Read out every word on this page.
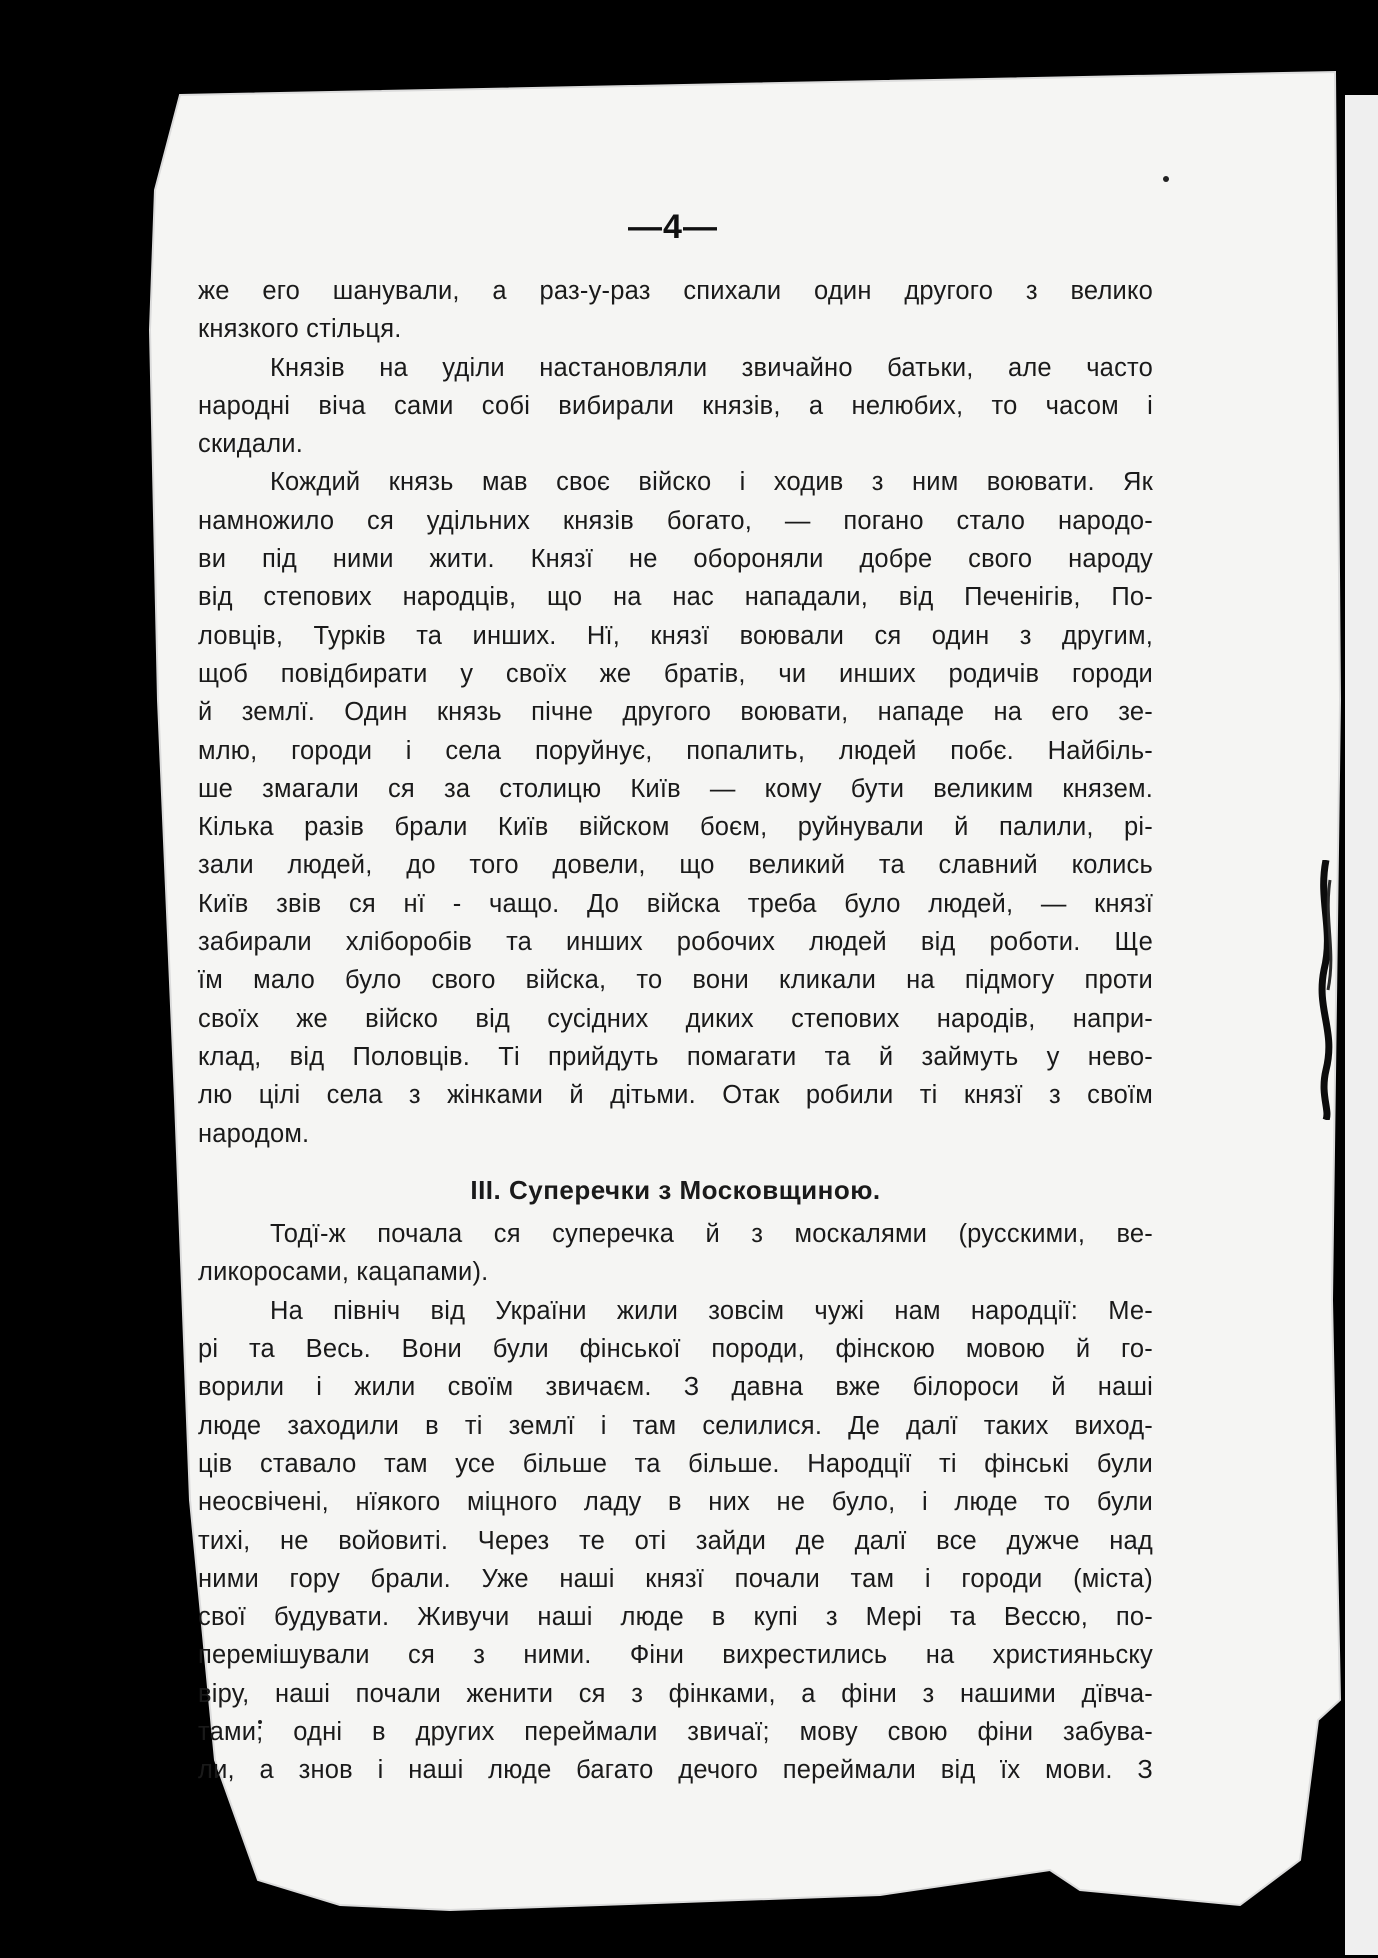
—4—
же его шанували, а раз-у-раз спихали один другого з велико
князкого стільця.
Князів на уділи настановляли звичайно батьки, але часто
народні віча сами собі вибирали князів, а нелюбих, то часом і
скидали.
Кождий князь мав своє війско і ходив з ним воювати. Як
намножило ся удільних князів богато, — погано стало народо-
ви під ними жити. Князї не обороняли добре свого народу
від степових народців, що на нас нападали, від Печенігів, По-
ловців, Турків та инших. Нї, князї воювали ся один з другим,
щоб повідбирати у своїх же братів, чи инших родичів городи
й землї. Один князь пічне другого воювати, нападе на его зе-
млю, городи і села поруйнує, попалить, людей побє. Найбіль-
ше змагали ся за столицю Київ — кому бути великим князем.
Кілька разів брали Київ війском боєм, руйнували й палили, рі-
зали людей, до того довели, що великий та славний колись
Київ звів ся нї - чащо. До війска треба було людей, — князї
забирали хліборобів та инших робочих людей від роботи. Ще
їм мало було свого війска, то вони кликали на підмогу проти
своїх же війско від сусідних диких степових народів, напри-
клад, від Половців. Ті прийдуть помагати та й займуть у нево-
лю цілі села з жінками й дітьми. Отак робили ті князї з своїм
народом.
III. Суперечки з Московщиною.
Тодї-ж почала ся суперечка й з москалями (русскими, ве-
ликоросами, кацапами).
На північ від України жили зовсім чужі нам народції: Ме-
рі та Весь. Вони були фінської породи, фінскою мовою й го-
ворили і жили своїм звичаєм. З давна вже білороси й наші
люде заходили в ті землї і там селилися. Де далї таких виход-
ців ставало там усе більше та більше. Народції ті фінські були
неосвічені, нїякого міцного ладу в них не було, і люде то були
тихі, не войовиті. Через те оті зайди де далї все дужче над
ними гору брали. Уже наші князї почали там і городи (міста)
свої будувати. Живучи наші люде в купі з Мері та Вессю, по-
перемішували ся з ними. Фіни вихрестились на християньску
віру, наші почали женити ся з фінками, а фіни з нашими дївча-
тами; одні в других переймали звичаї; мову свою фіни забува-
ли, а знов і наші люде багато дечого переймали від їх мови. З
